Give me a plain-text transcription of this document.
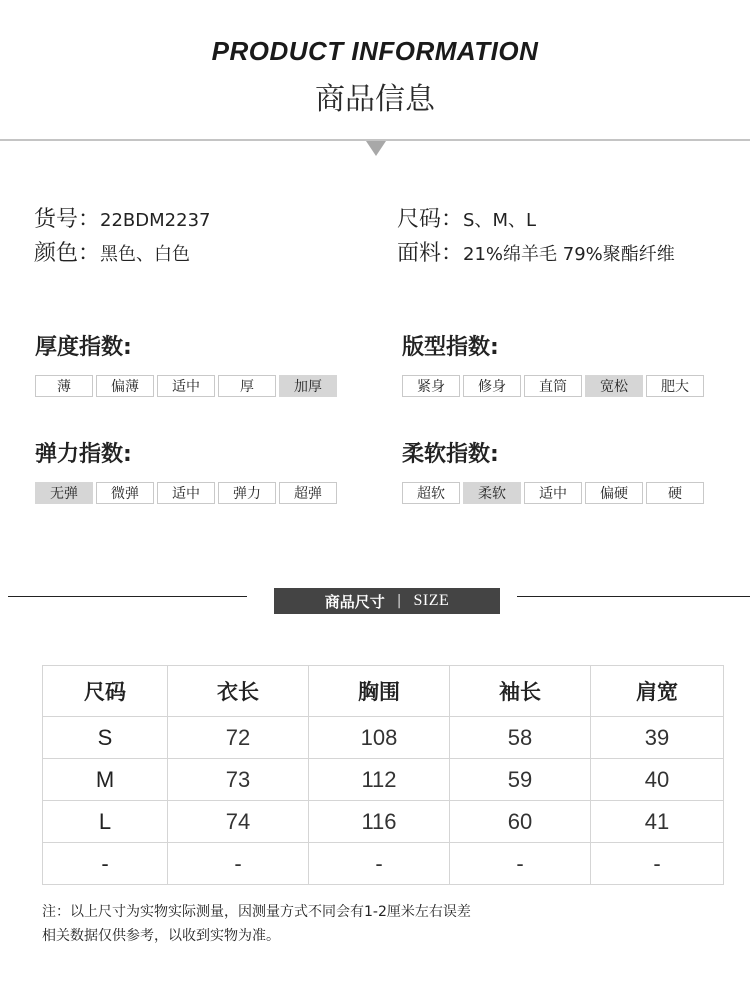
PRODUCT INFORMATION
商品信息
货号：22BDM2237
颜色：黑色、白色
尺码：S、M、L
面料：21%绵羊毛 79%聚酯纤维
厚度指数:
薄	偏薄	适中	厚	加厚
版型指数:
紧身	修身	直筒	宽松	肥大
弹力指数:
无弹	微弹	适中	弹力	超弹
柔软指数:
超软	柔软	适中	偏硬	硬
商品尺寸 | SIZE
尺码	衣长	胸围	袖长	肩宽
S	72	108	58	39
M	73	112	59	40
L	74	116	60	41
-	-	-	-	-
注：以上尺寸为实物实际测量，因测量方式不同会有1-2厘米左右误差
相关数据仅供参考，以收到实物为准。
